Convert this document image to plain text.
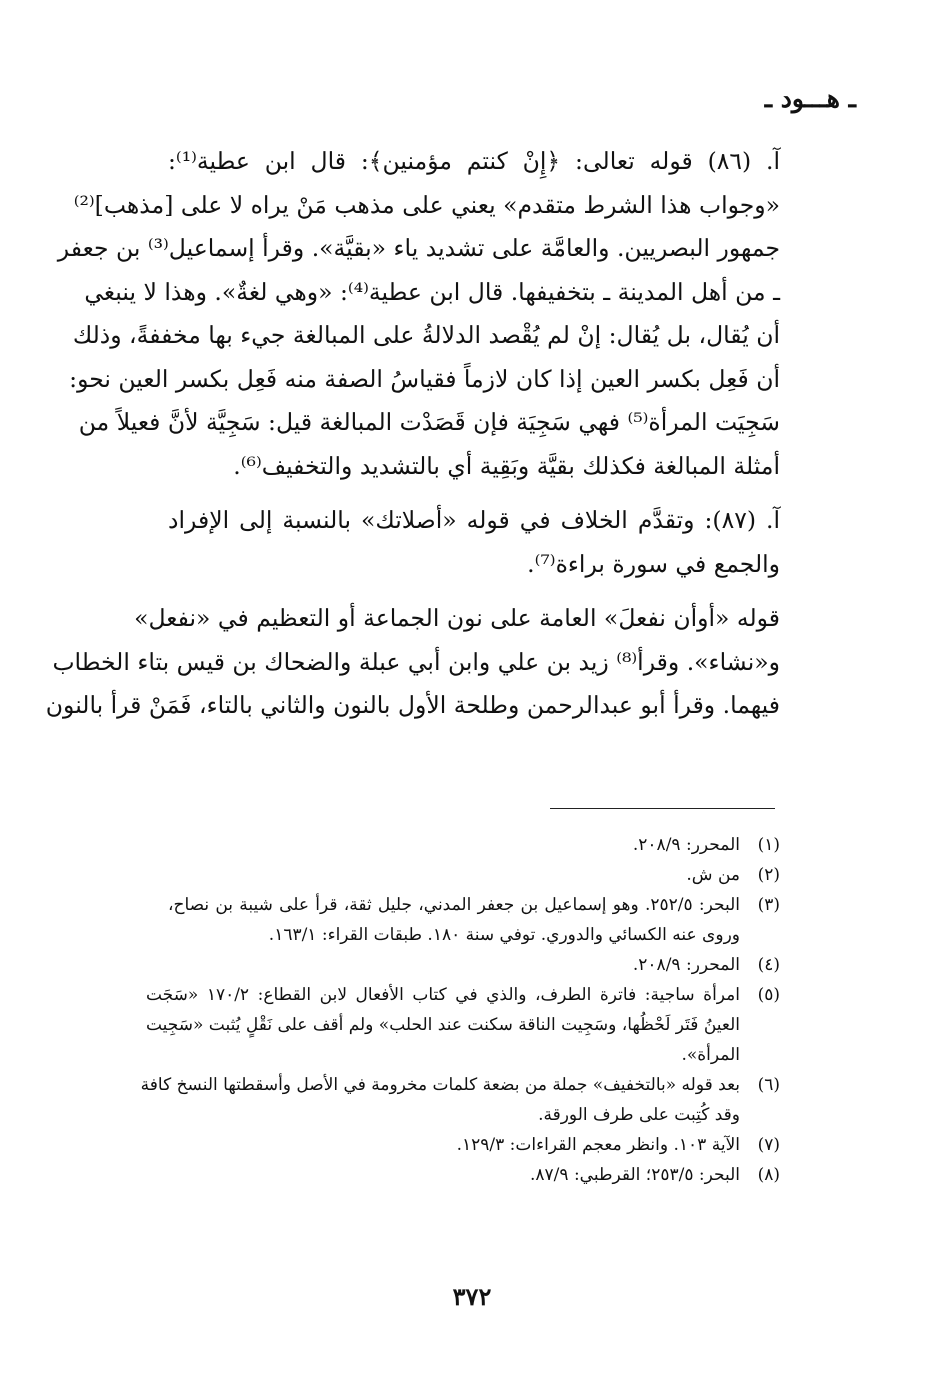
ـ هـــود ـ

آ. (٨٦) قوله تعالى: ﴿إِنْ كنتم مؤمنين﴾: قال ابن عطية⁽¹⁾:
«وجواب هذا الشرط متقدم» يعني على مذهب مَنْ يراه لا على [مذهب]⁽²⁾
جمهور البصريين. والعامَّة على تشديد ياء «بقيَّة». وقرأ إسماعيل⁽³⁾ بن جعفر
ـ من أهل المدينة ـ بتخفيفها. قال ابن عطية⁽⁴⁾: «وهي لغةٌ». وهذا لا ينبغي
أن يُقال، بل يُقال: إنْ لم يُقْصد الدلالةُ على المبالغة جيء بها مخففةً، وذلك
أن فَعِل بكسر العين إذا كان لازماً فقياسُ الصفة منه فَعِل بكسر العين نحو:
سَجِيَت المرأة⁽⁵⁾ فهي سَجِيَة فإن قَصَدْت المبالغة قيل: سَجِيَّة لأنَّ فعيلاً من
أمثلة المبالغة فكذلك بقيَّة وبَقِية أي بالتشديد والتخفيف⁽⁶⁾.

آ. (٨٧): وتقدَّم الخلاف في قوله «أصلاتك» بالنسبة إلى الإفراد
والجمع في سورة براءة⁽⁷⁾.

قوله «أوأن نفعلَ» العامة على نون الجماعة أو التعظيم في «نفعل»
و«نشاء». وقرأ⁽⁸⁾ زيد بن علي وابن أبي عبلة والضحاك بن قيس بتاء الخطاب
فيهما. وقرأ أبو عبدالرحمن وطلحة الأول بالنون والثاني بالتاء، فَمَنْ قرأ بالنون

(١)
المحرر: ٢٠٨/٩.
(٢)
من ش.
(٣)
البحر: ٢٥٢/٥. وهو إسماعيل بن جعفر المدني، جليل ثقة، قرأ على شيبة بن نصاح،
وروى عنه الكسائي والدوري. توفي سنة ١٨٠. طبقات القراء: ١٦٣/١.
(٤)
المحرر: ٢٠٨/٩.
(٥)
امرأة ساجية: فاترة الطرف، والذي في كتاب الأفعال لابن القطاع: ١٧٠/٢ «سَجَت
العينُ فَتَر لَحْظُها، وسَجِيت الناقة سكنت عند الحلب» ولم أقف على نَقْلٍ يُثبت «سَجِيت
المرأة».
(٦)
بعد قوله «بالتخفيف» جملة من بضعة كلمات مخرومة في الأصل وأسقطتها النسخ كافة
وقد كُتِبت على طرف الورقة.
(٧)
الآية ١٠٣. وانظر معجم القراءات: ١٢٩/٣.
(٨)
البحر: ٢٥٣/٥؛ القرطبي: ٨٧/٩.
٣٧٢
